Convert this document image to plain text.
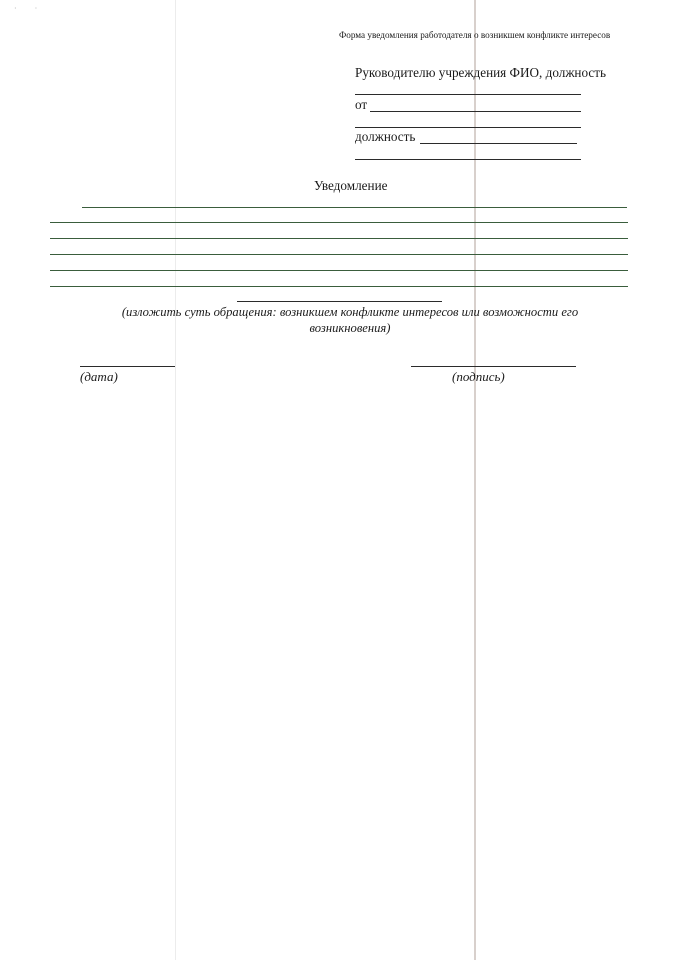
· ·
Форма уведомления работодателя о возникшем конфликте интересов
Руководителю учреждения ФИО, должность
от
должность
Уведомление
(изложить суть обращения: возникшем конфликте интересов или возможности его
возникновения)
(дата)	(подпись)
